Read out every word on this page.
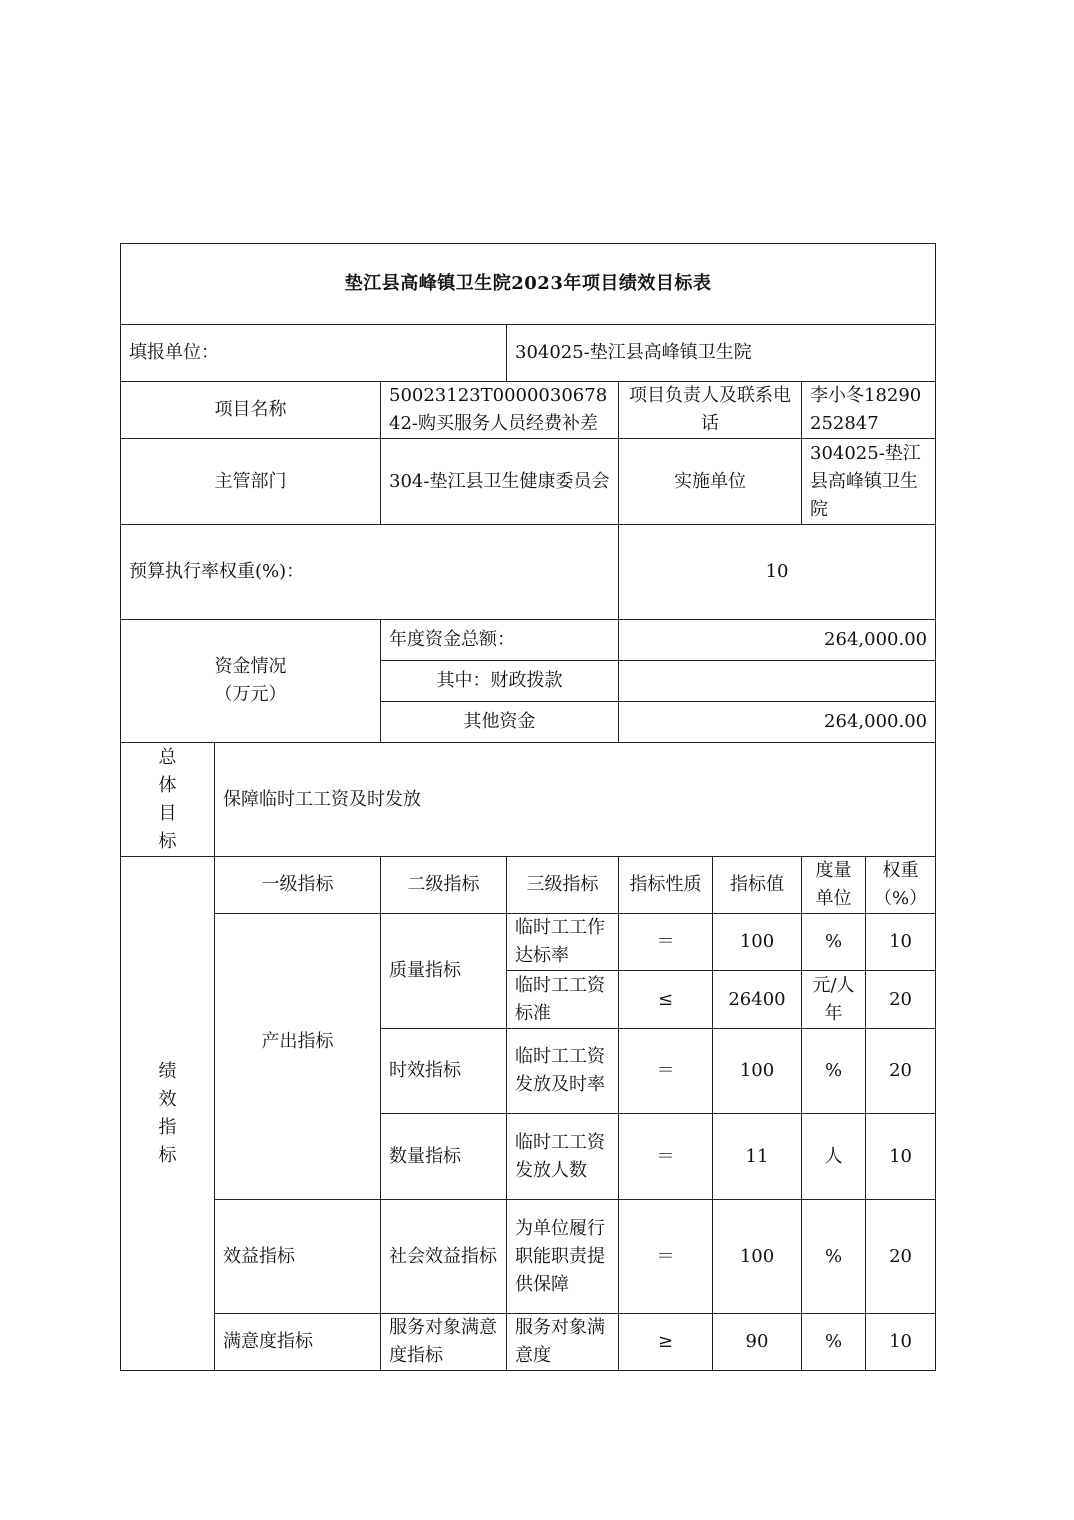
垫江县高峰镇卫生院2023年项目绩效目标表							
填报单位：			304025-垫江县高峰镇卫生院				
项目名称		50023123T000003067842-购买服务人员经费补差		项目负责人及联系电话		李小冬18290252847	
主管部门		304-垫江县卫生健康委员会		实施单位		304025-垫江县高峰镇卫生院	
预算执行率权重(%)：				10			

资金情况
（万元）		年度资金总额：		264,000.00			
		其中：财政拨款					
		其他资金		264,000.00			
总体目标	保障临时工工资及时发放						
绩效指标	一级指标	二级指标	三级指标	指标性质	指标值	度量单位	权重（%）
	产出指标	质量指标	临时工工作达标率	＝	100	%	10
			临时工工资标准	≤	26400	元/人年	20
		时效指标	临时工工资发放及时率	＝	100	%	20
		数量指标	临时工工资发放人数	＝	11	人	10
	效益指标	社会效益指标	为单位履行职能职责提供保障	＝	100	%	20
	满意度指标	服务对象满意度指标	服务对象满意度	≥	90	%	10
